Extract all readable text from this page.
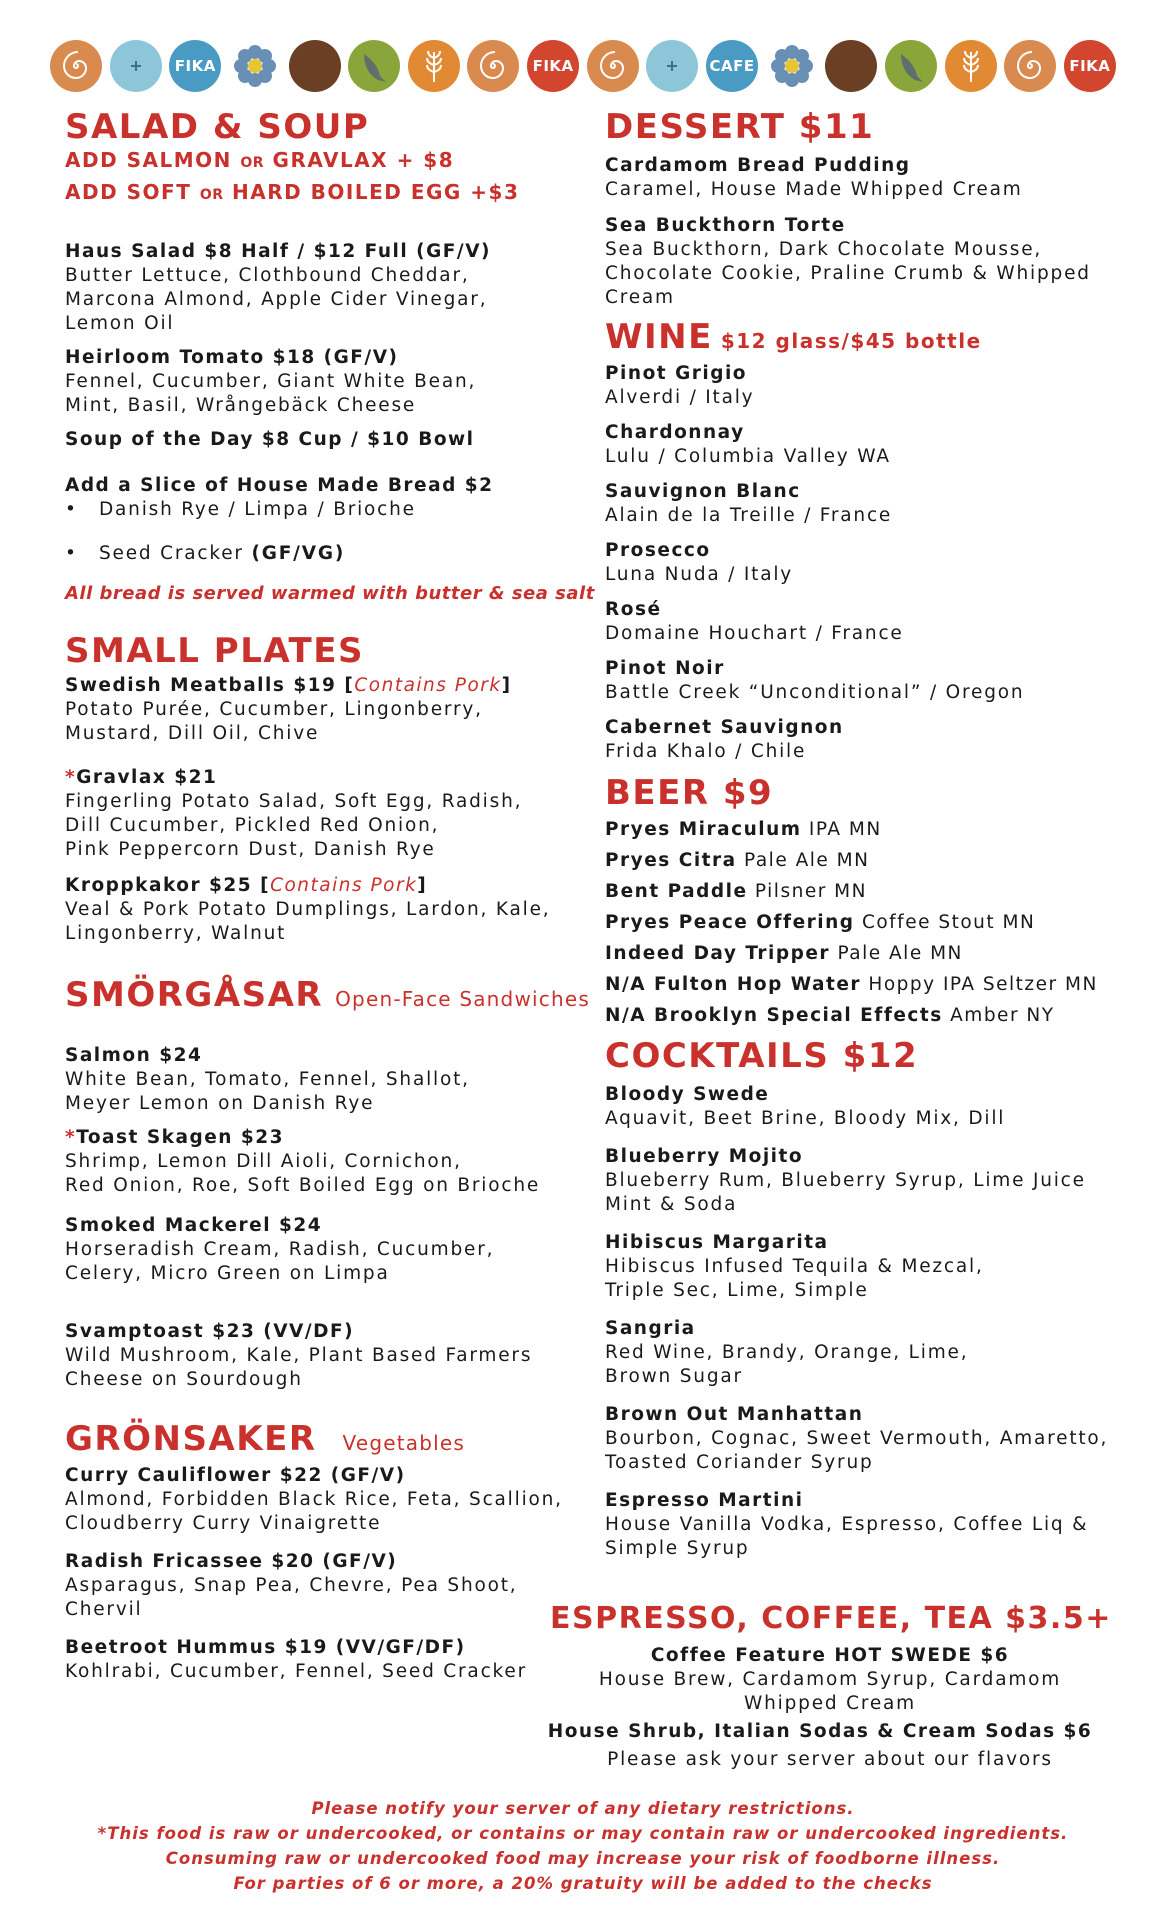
FIKA	FIKA	CAFE	FIKA
SALAD & SOUP
ADD SALMON OR GRAVLAX + $8
ADD SOFT OR HARD BOILED EGG +$3
Haus Salad $8 Half / $12 Full (GF/V)
Butter Lettuce, Clothbound Cheddar,
Marcona Almond, Apple Cider Vinegar,
Lemon Oil
Heirloom Tomato $18 (GF/V)
Fennel, Cucumber, Giant White Bean,
Mint, Basil, Wrångebäck Cheese
Soup of the Day $8 Cup / $10 Bowl
Add a Slice of House Made Bread $2
• Danish Rye / Limpa / Brioche
• Seed Cracker (GF/VG)
All bread is served warmed with butter & sea salt
SMALL PLATES
Swedish Meatballs $19 [Contains Pork]
Potato Purée, Cucumber, Lingonberry,
Mustard, Dill Oil, Chive
*Gravlax $21
Fingerling Potato Salad, Soft Egg, Radish,
Dill Cucumber, Pickled Red Onion,
Pink Peppercorn Dust, Danish Rye
Kroppkakor $25 [Contains Pork]
Veal & Pork Potato Dumplings, Lardon, Kale,
Lingonberry, Walnut
SMÖRGÅSAR Open-Face Sandwiches
Salmon $24
White Bean, Tomato, Fennel, Shallot,
Meyer Lemon on Danish Rye
*Toast Skagen $23
Shrimp, Lemon Dill Aioli, Cornichon,
Red Onion, Roe, Soft Boiled Egg on Brioche
Smoked Mackerel $24
Horseradish Cream, Radish, Cucumber,
Celery, Micro Green on Limpa
Svamptoast $23 (VV/DF)
Wild Mushroom, Kale, Plant Based Farmers
Cheese on Sourdough
GRÖNSAKER Vegetables
Curry Cauliflower $22 (GF/V)
Almond, Forbidden Black Rice, Feta, Scallion,
Cloudberry Curry Vinaigrette
Radish Fricassee $20 (GF/V)
Asparagus, Snap Pea, Chevre, Pea Shoot,
Chervil
Beetroot Hummus $19 (VV/GF/DF)
Kohlrabi, Cucumber, Fennel, Seed Cracker
DESSERT $11
Cardamom Bread Pudding
Caramel, House Made Whipped Cream
Sea Buckthorn Torte
Sea Buckthorn, Dark Chocolate Mousse,
Chocolate Cookie, Praline Crumb & Whipped
Cream
WINE $12 glass/$45 bottle
Pinot Grigio
Alverdi / Italy
Chardonnay
Lulu / Columbia Valley WA
Sauvignon Blanc
Alain de la Treille / France
Prosecco
Luna Nuda / Italy
Rosé
Domaine Houchart / France
Pinot Noir
Battle Creek “Unconditional” / Oregon
Cabernet Sauvignon
Frida Khalo / Chile
BEER $9
Pryes Miraculum IPA MN
Pryes Citra Pale Ale MN
Bent Paddle Pilsner MN
Pryes Peace Offering Coffee Stout MN
Indeed Day Tripper Pale Ale MN
N/A Fulton Hop Water Hoppy IPA Seltzer MN
N/A Brooklyn Special Effects Amber NY
COCKTAILS $12
Bloody Swede
Aquavit, Beet Brine, Bloody Mix, Dill
Blueberry Mojito
Blueberry Rum, Blueberry Syrup, Lime Juice
Mint & Soda
Hibiscus Margarita
Hibiscus Infused Tequila & Mezcal,
Triple Sec, Lime, Simple
Sangria
Red Wine, Brandy, Orange, Lime,
Brown Sugar
Brown Out Manhattan
Bourbon, Cognac, Sweet Vermouth, Amaretto,
Toasted Coriander Syrup
Espresso Martini
House Vanilla Vodka, Espresso, Coffee Liq &
Simple Syrup
ESPRESSO, COFFEE, TEA $3.5+
Coffee Feature HOT SWEDE $6
House Brew, Cardamom Syrup, Cardamom
Whipped Cream
House Shrub, Italian Sodas & Cream Sodas $6
Please ask your server about our flavors
Please notify your server of any dietary restrictions.
*This food is raw or undercooked, or contains or may contain raw or undercooked ingredients.
Consuming raw or undercooked food may increase your risk of foodborne illness.
For parties of 6 or more, a 20% gratuity will be added to the checks
